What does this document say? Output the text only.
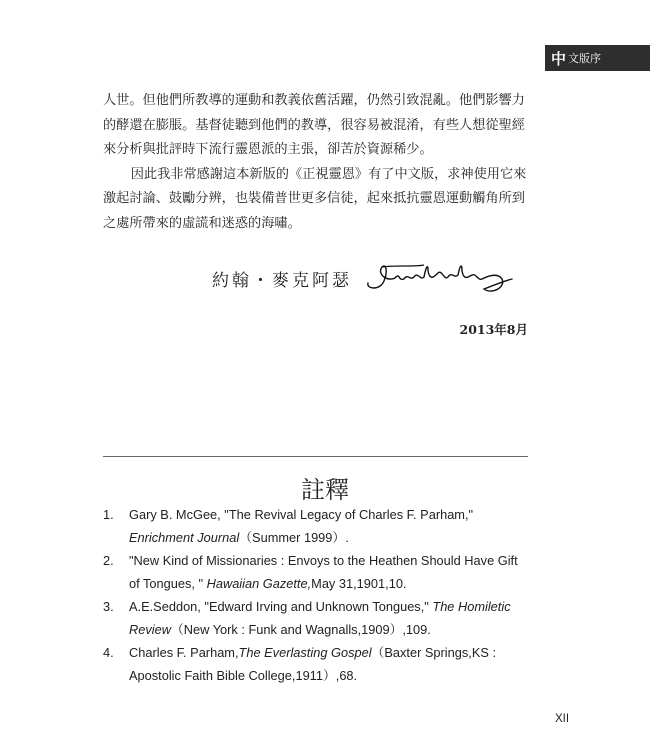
中 文版序

人世。但他們所教導的運動和教義依舊活躍，仍然引致混亂。他們影響力的酵還在膨脹。基督徒聽到他們的教導，很容易被混淆，有些人想從聖經來分析與批評時下流行靈恩派的主張，卻苦於資源稀少。

因此我非常感謝這本新版的《正視靈恩》有了中文版，求神使用它來激起討論、鼓勵分辨，也裝備普世更多信徒，起來抵抗靈恩運動觸角所到之處所帶來的虛謊和迷惑的海嘯。

約翰・麥克阿瑟
2013年8月
註釋
1.	Gary B. McGee, "The Revival Legacy of Charles F. Parham," Enrichment Journal（Summer 1999）.
2.	"New Kind of Missionaries : Envoys to the Heathen Should Have Gift of Tongues, " Hawaiian Gazette,May 31,1901,10.
3.	A.E.Seddon, "Edward Irving and Unknown Tongues," The Homiletic Review（New York : Funk and Wagnalls,1909）,109.
4.	Charles F. Parham,The Everlasting Gospel（Baxter Springs,KS : Apostolic Faith Bible College,1911）,68.
XII
